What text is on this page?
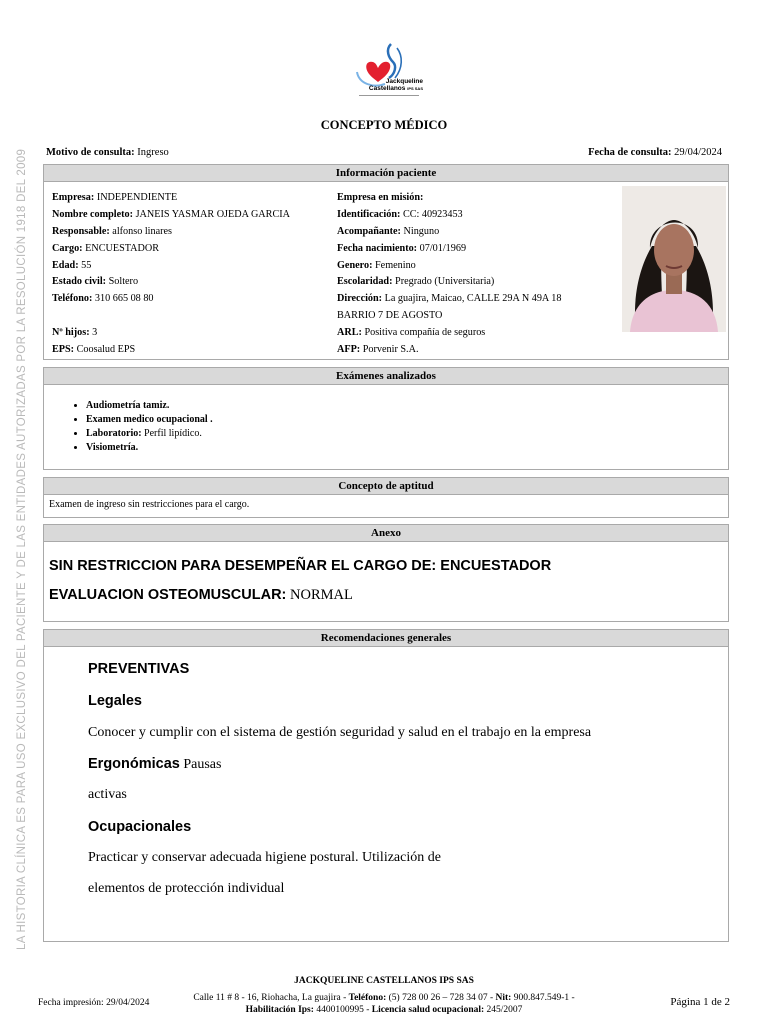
LA HISTORIA CLÍNICA ES PARA USO EXCLUSIVO DEL PACIENTE Y DE LAS ENTIDADES AUTORIZADAS POR LA RESOLUCIÓN 1918 DEL 2009
Jackqueline
Castellanos IPS SAS
CONCEPTO MÉDICO
Motivo de consulta: Ingreso	Fecha de consulta: 29/04/2024
Información paciente
Empresa: INDEPENDIENTE
Nombre completo: JANEIS YASMAR OJEDA GARCIA
Responsable: alfonso linares
Cargo: ENCUESTADOR
Edad: 55
Estado civil: Soltero
Teléfono: 310 665 08 80
Nº hijos: 3
EPS: Coosalud EPS
Empresa en misión:
Identificación: CC: 40923453
Acompañante: Ninguno
Fecha nacimiento: 07/01/1969
Genero: Femenino
Escolaridad: Pregrado (Universitaria)
Dirección: La guajira, Maicao, CALLE 29A N 49A 18
BARRIO 7 DE AGOSTO
ARL: Positiva compañía de seguros
AFP: Porvenir S.A.
Exámenes analizados
• Audiometría tamiz.
• Examen medico ocupacional .
• Laboratorio: Perfil lipídico.
• Visiometría.
Concepto de aptitud
Examen de ingreso sin restricciones para el cargo.
Anexo
SIN RESTRICCION PARA DESEMPEÑAR EL CARGO DE: ENCUESTADOR
EVALUACION OSTEOMUSCULAR: NORMAL
Recomendaciones generales
PREVENTIVAS
Legales
Conocer y cumplir con el sistema de gestión seguridad y salud en el trabajo en la empresa
Ergonómicas Pausas
activas
Ocupacionales
Practicar y conservar adecuada higiene postural. Utilización de
elementos de protección individual
JACKQUELINE CASTELLANOS IPS SAS
Fecha impresión: 29/04/2024	Calle 11 # 8 - 16, Riohacha, La guajira - Teléfono: (5) 728 00 26 – 728 34 07 - Nit: 900.847.549-1 -
Habilitación Ips: 4400100995 - Licencia salud ocupacional: 245/2007
Página 1 de 2
